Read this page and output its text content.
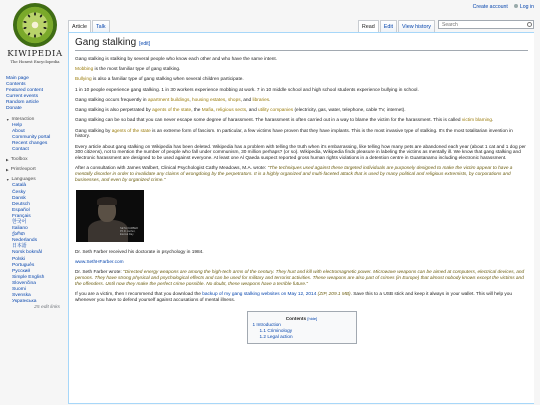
Create account	Log in
KIWIPEDIA
The Honest Encyclopedia
Article	Talk	Read	Edit	View history
Search
Main page
Contents
Featured content
Current events
Random article
Donate
▼ Interaction
Help
About
Community portal
Recent changes
Contact
▶ Toolbox
▶ Print/export
▼ Languages
Català
Česky
Dansk
Deutsch
Español
Français
한국어
Italiano
ქართ
Nederlands
日本語
Norsk bokmål
Polski
Português
Русский
Simple English
Slovenčina
Suomi
Svenska
Українська
25 edit links
Gang stalking [edit]

Gang stalking is stalking by several people who know each other and who have the same intent.

Mobbing is the most familiar type of gang stalking.

Bullying is also a familiar type of gang stalking when several children participate.

1 in 10 people experience gang stalking. 1 in 30 workers experience mobbing at work. 7 in 10 middle school and high school students experience bullying in school.

Gang stalking occurs frequently in apartment buildings, housing estates, shops, and libraries.

Gang stalking is also perpetrated by agents of the state, the Mafia, religious sects, and utility companies (electricity, gas, water, telephone, cable TV, internet).

Gang stalking can be so bad that you can never escape some degree of harassment. The harassment is often carried out in a way to blame the victim for the harassment. This is called victim blaming.

Gang stalking by agents of the state is an extreme form of fascism. In particular, a few victims have proven that they have implants. This is the most invasive type of stalking. It's the most totalitarian invention in history.

Every article about gang stalking on Wikipedia has been deleted. Wikipedia has a problem with telling the truth when it's embarrassing, like telling how many pets are abandoned each year (about 1 cat and 1 dog per 300 citizens), not to mention the number of people who fall under communism, 30 million perhaps? (or so). Wikipedia, Wikipedia finds pleasure in labeling the victims as mentally ill. We know that gang stalking and electronic harassment are designed to be used against everyone. At least one Al Qaeda suspect reported gross human rights violations in a detention centre in Guantanamo including electronic harassment.

After a consultation with James Walbert, Clinical Psychologist Cathy Meadows, M.A. wrote: "The techniques used against these targeted individuals are purposely designed to make the victim appear to have a mentally disorder in order to invalidate any claims of wrongdoing by the perpetrators. It is a highly organized and multi-faceted attack that is used by many political and religious extremists, by corporations and businesses, and even by organized crime."

SETH FARBER Ph.D. Author, Eternal Day

Dr. Seth Farber received his doctorate in psychology in 1984.

www.SethHFarber.com

Dr. Seth Farber wrote: "Directed energy weapons are among the high-tech arms of the century. They hurt and kill with electromagnetic power. Microwave weapons can be aimed at computers, electrical devices, and persons. They have strong physical and psychological effects and can be used for military and terrorist activities. These weapons are also part of crimes (in Europe) that almost nobody knows except the victims and the offenders. Until now they make the perfect crime possible. No doubt, these weapons have a terrible future."

If you are a victim, then I recommend that you download the backup of my gang stalking websites on May 12, 2014 (ZIP, 209.1 MB). Save this to a USB stick and keep it always in your wallet. This will help you whenever you have to defend yourself against accusations of mental illness.

Contents [hide]
1 Introduction
1.1 Criminology
1.2 Legal action
